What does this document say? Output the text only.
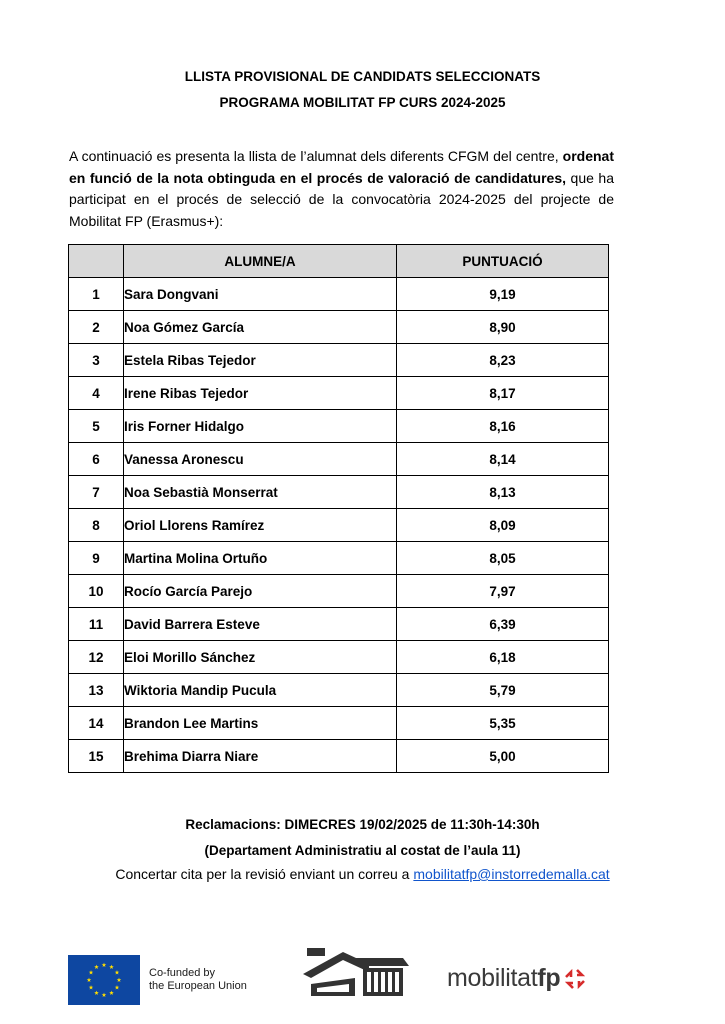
LLISTA PROVISIONAL DE CANDIDATS SELECCIONATS
PROGRAMA MOBILITAT FP CURS 2024-2025

A continuació es presenta la llista de l’alumnat dels diferents CFGM del centre, ordenat en funció de la nota obtinguda en el procés de valoració de candidatures, que ha participat en el procés de selecció de la convocatòria 2024-2025 del projecte de Mobilitat FP (Erasmus+):

	ALUMNE/A	PUNTUACIÓ
1	Sara Dongvani	9,19
2	Noa Gómez García	8,90
3	Estela Ribas Tejedor	8,23
4	Irene Ribas Tejedor	8,17
5	Iris Forner Hidalgo	8,16
6	Vanessa Aronescu	8,14
7	Noa Sebastià Monserrat	8,13
8	Oriol Llorens Ramírez	8,09
9	Martina Molina Ortuño	8,05
10	Rocío García Parejo	7,97
11	David Barrera Esteve	6,39
12	Eloi Morillo Sánchez	6,18
13	Wiktoria Mandip Pucula	5,79
14	Brandon Lee Martins	5,35
15	Brehima Diarra Niare	5,00
Reclamacions: DIMECRES 19/02/2025 de 11:30h-14:30h
(Departament Administratiu al costat de l’aula 11)
Concertar cita per la revisió enviant un correu a mobilitatfp@instorredemalla.cat
Co-funded by
the European Union	mobilitat fp
